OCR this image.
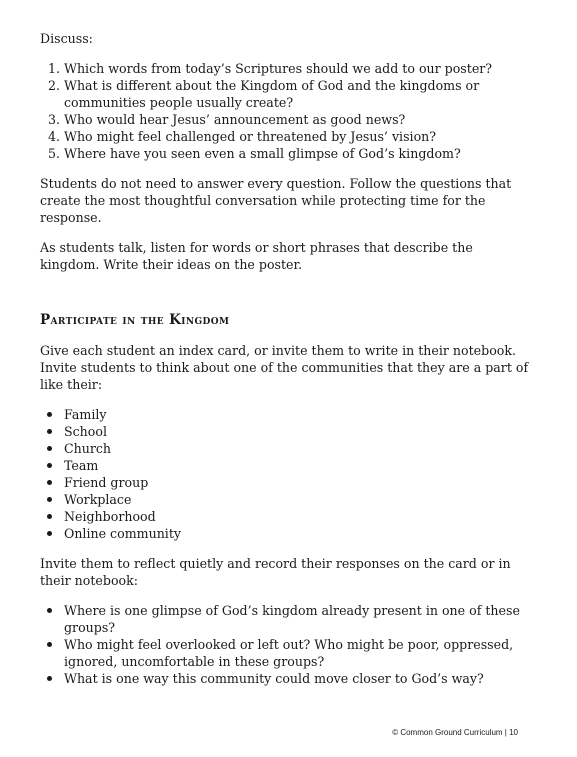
Discuss:

1. Which words from today’s Scriptures should we add to our poster?
2. What is different about the Kingdom of God and the kingdoms or communities people usually create?
3. Who would hear Jesus’ announcement as good news?
4. Who might feel challenged or threatened by Jesus’ vision?
5. Where have you seen even a small glimpse of God’s kingdom?

Students do not need to answer every question. Follow the questions that create the most thoughtful conversation while protecting time for the response.

As students talk, listen for words or short phrases that describe the kingdom. Write their ideas on the poster.

Participate in the Kingdom

Give each student an index card, or invite them to write in their notebook. Invite students to think about one of the communities that they are a part of like their:

Family
School
Church
Team
Friend group
Workplace
Neighborhood
Online community

Invite them to reflect quietly and record their responses on the card or in their notebook:

Where is one glimpse of God’s kingdom already present in one of these groups?
Who might feel overlooked or left out? Who might be poor, oppressed, ignored, uncomfortable in these groups?
What is one way this community could move closer to God’s way?
© Common Ground Curriculum | 10
